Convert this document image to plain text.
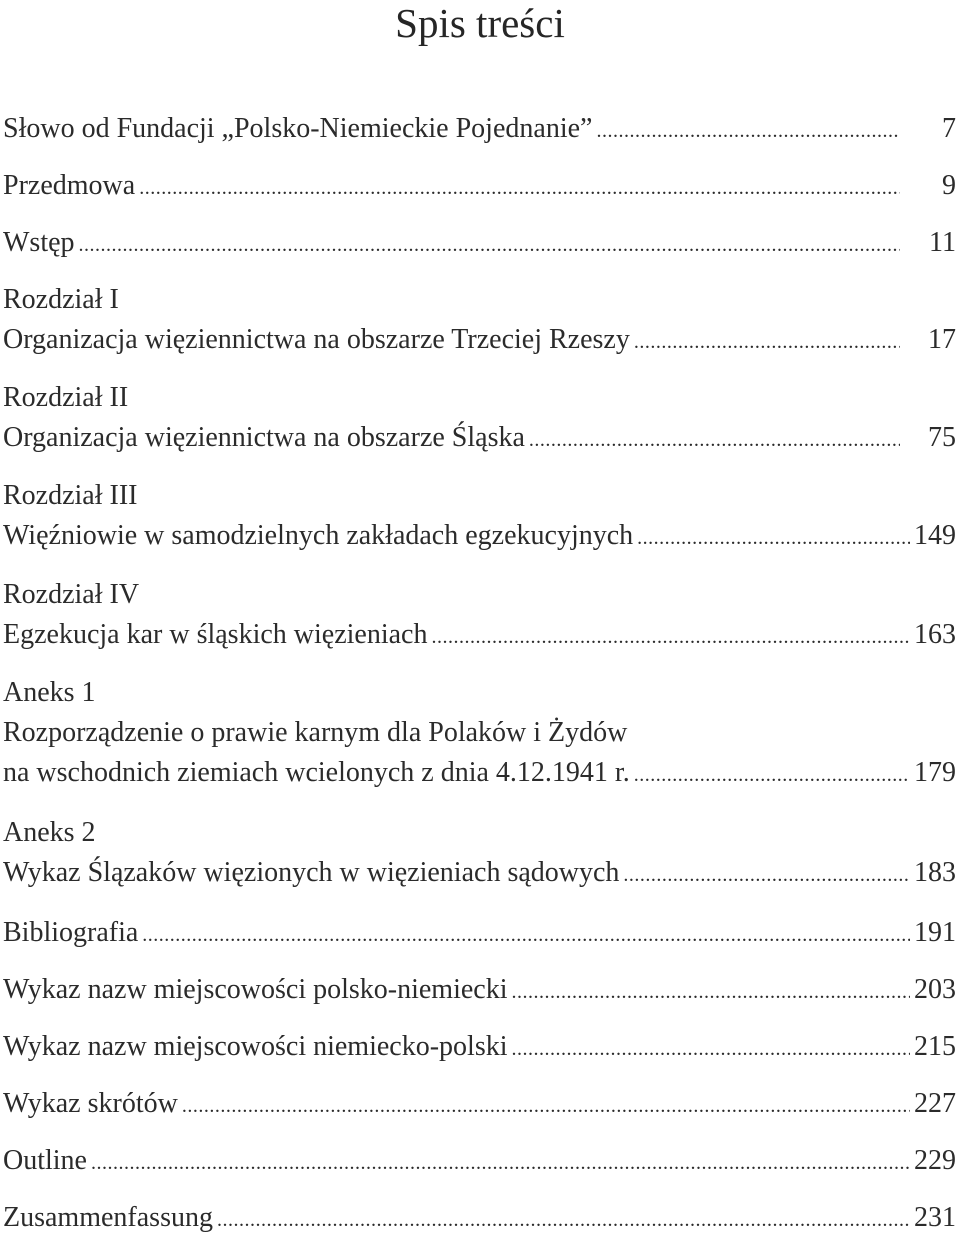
Spis treści
Słowo od Fundacji „Polsko-Niemieckie Pojednanie” .....	7
Przedmowa .....	9
Wstęp .....	11
Rozdział I
Organizacja więziennictwa na obszarze Trzeciej Rzeszy .....	17
Rozdział II
Organizacja więziennictwa na obszarze Śląska .....	75
Rozdział III
Więźniowie w samodzielnych zakładach egzekucyjnych .....	149
Rozdział IV
Egzekucja kar w śląskich więzieniach .....	163
Aneks 1
Rozporządzenie o prawie karnym dla Polaków i Żydów
na wschodnich ziemiach wcielonych z dnia 4.12.1941 r. .....	179
Aneks 2
Wykaz Ślązaków więzionych w więzieniach sądowych .....	183
Bibliografia .....	191
Wykaz nazw miejscowości polsko-niemiecki .....	203
Wykaz nazw miejscowości niemiecko-polski .....	215
Wykaz skrótów .....	227
Outline .....	229
Zusammenfassung .....	231
